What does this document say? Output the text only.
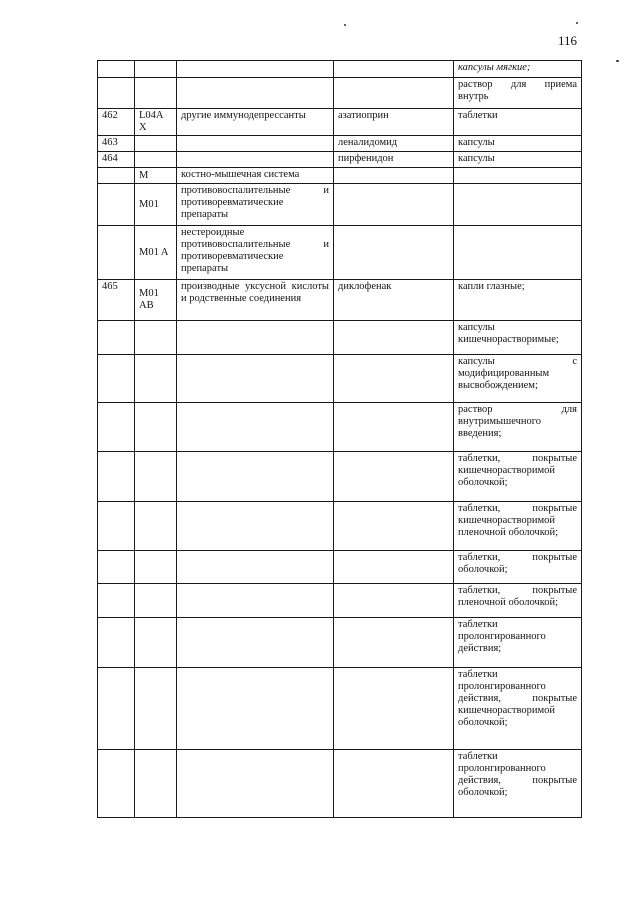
116
				капсулы мягкие;
				раствор для приема внутрь
462	L04A X	другие иммунодепрессанты	азатиоприн	таблетки
463			леналидомид	капсулы
464			пирфенидон	капсулы
	M	костно-мышечная система		
	M01	противовоспалительные и противоревматические препараты		
	M01 A	нестероидные противовоспалительные и противоревматические препараты		
465	M01 AB	производные уксусной кислоты и родственные соединения	диклофенак	капли глазные;
				капсулы кишечнорастворимые;
				капсулы с модифицированным высвобождением;
				раствор для внутримышечного введения;
				таблетки, покрытые кишечнорастворимой оболочкой;
				таблетки, покрытые кишечнорастворимой пленочной оболочкой;
				таблетки, покрытые оболочкой;
				таблетки, покрытые пленочной оболочкой;
				таблетки пролонгированного действия;
				таблетки пролонгированного действия, покрытые кишечнорастворимой оболочкой;
				таблетки пролонгированного действия, покрытые оболочкой;
